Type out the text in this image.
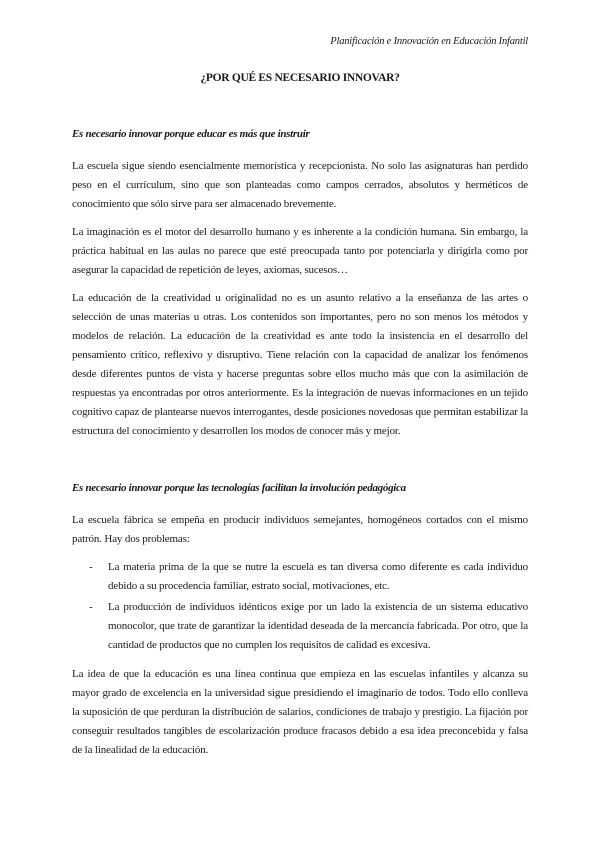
Planificación e Innovación en Educación Infantil
¿POR QUÉ ES NECESARIO INNOVAR?

Es necesario innovar porque educar es más que instruir

La escuela sigue siendo esencialmente memorística y recepcionista. No solo las asignaturas han perdido peso en el currículum, sino que son planteadas como campos cerrados, absolutos y herméticos de conocimiento que sólo sirve para ser almacenado brevemente.

La imaginación es el motor del desarrollo humano y es inherente a la condición humana. Sin embargo, la práctica habitual en las aulas no parece que esté preocupada tanto por potenciarla y dirigirla como por asegurar la capacidad de repetición de leyes, axiomas, sucesos…

La educación de la creatividad u originalidad no es un asunto relativo a la enseñanza de las artes o selección de unas materias u otras. Los contenidos son importantes, pero no son menos los métodos y modelos de relación. La educación de la creatividad es ante todo la insistencia en el desarrollo del pensamiento crítico, reflexivo y disruptivo. Tiene relación con la capacidad de analizar los fenómenos desde diferentes puntos de vista y hacerse preguntas sobre ellos mucho más que con la asimilación de respuestas ya encontradas por otros anteriormente. Es la integración de nuevas informaciones en un tejido cognitivo capaz de plantearse nuevos interrogantes, desde posiciones novedosas que permitan estabilizar la estructura del conocimiento y desarrollen los modos de conocer más y mejor.

Es necesario innovar porque las tecnologías facilitan la involución pedagógica

La escuela fábrica se empeña en producir individuos semejantes, homogéneos cortados con el mismo patrón. Hay dos problemas:

- La materia prima de la que se nutre la escuela es tan diversa como diferente es cada individuo debido a su procedencia familiar, estrato social, motivaciones, etc.
- La producción de individuos idénticos exige por un lado la existencia de un sistema educativo monocolor, que trate de garantizar la identidad deseada de la mercancía fabricada. Por otro, que la cantidad de productos que no cumplen los requisitos de calidad es excesiva.

La idea de que la educación es una línea continua que empieza en las escuelas infantiles y alcanza su mayor grado de excelencia en la universidad sigue presidiendo el imaginario de todos. Todo ello conlleva la suposición de que perduran la distribución de salarios, condiciones de trabajo y prestigio. La fijación por conseguir resultados tangibles de escolarización produce fracasos debido a esa idea preconcebida y falsa de la linealidad de la educación.
